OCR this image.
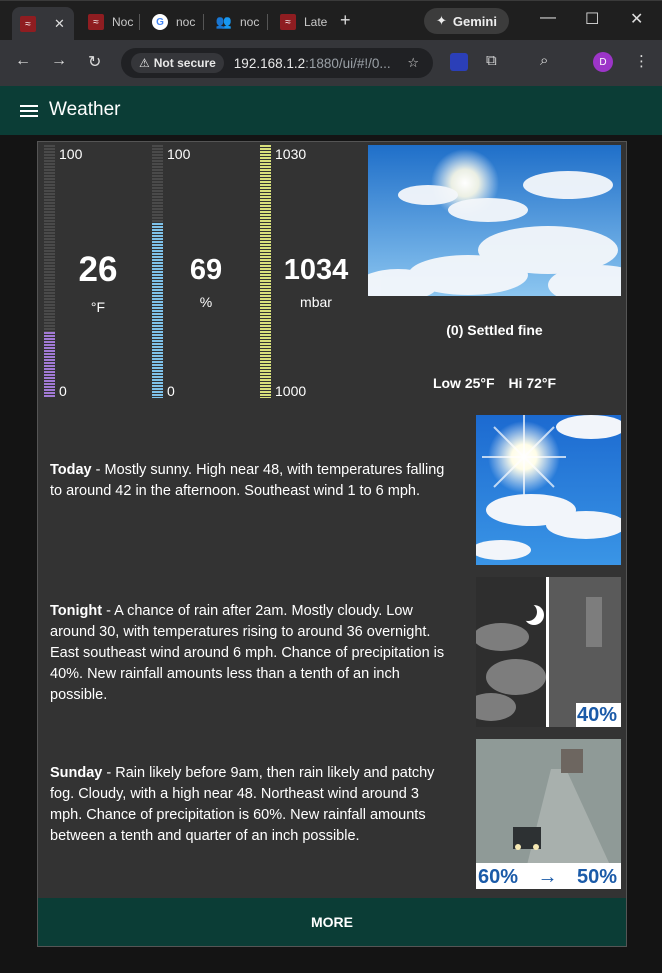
≈	✕	≈	Noc	G	noc 👥 noc	≈	Late +	✦ Gemini	— ☐ ✕
← → ↻	⚠ Not secure 192.168.1.2:1880/ui/#!/0... ☆	⧉	⌕	D	⋮
Weather
100
0
26
°F
100
0
69
%
1030
1000
1034
mbar
(0) Settled fine
Low 25°F Hi 72°F
Today - Mostly sunny. High near 48, with temperatures falling to around 42 in the afternoon. Southeast wind 1 to 6 mph.
Tonight - A chance of rain after 2am. Mostly cloudy. Low around 30, with temperatures rising to around 36 overnight. East southeast wind around 6 mph. Chance of precipitation is 40%. New rainfall amounts less than a tenth of an inch possible.
40%
Sunday - Rain likely before 9am, then rain likely and patchy fog. Cloudy, with a high near 48. Northeast wind around 3 mph. Chance of precipitation is 60%. New rainfall amounts between a tenth and quarter of an inch possible.
60% → 50%
MORE
